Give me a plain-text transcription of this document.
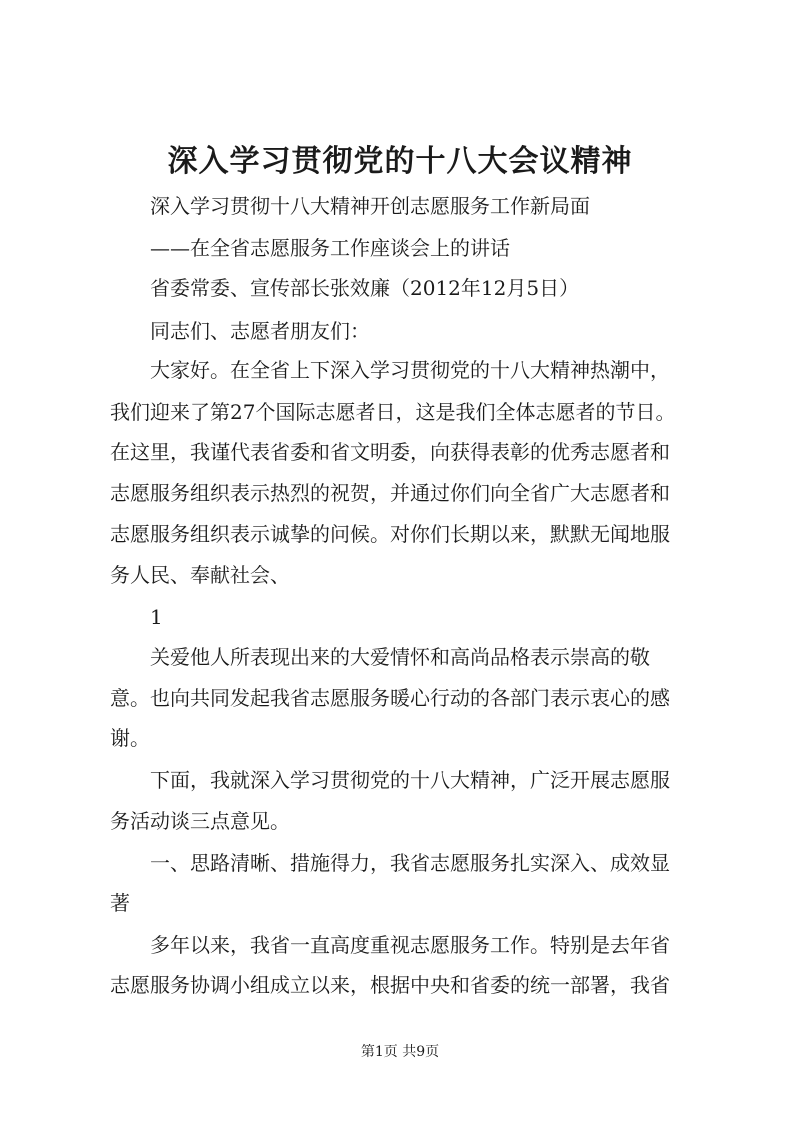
深入学习贯彻党的十八大会议精神

深入学习贯彻十八大精神开创志愿服务工作新局面

——在全省志愿服务工作座谈会上的讲话

省委常委、宣传部长张效廉（2012年12月5日）

同志们、志愿者朋友们：

大家好。在全省上下深入学习贯彻党的十八大精神热潮中，

我们迎来了第27个国际志愿者日，这是我们全体志愿者的节日。

在这里，我谨代表省委和省文明委，向获得表彰的优秀志愿者和

志愿服务组织表示热烈的祝贺，并通过你们向全省广大志愿者和

志愿服务组织表示诚挚的问候。对你们长期以来，默默无闻地服

务人民、奉献社会、

1

关爱他人所表现出来的大爱情怀和高尚品格表示崇高的敬

意。也向共同发起我省志愿服务暖心行动的各部门表示衷心的感

谢。

下面，我就深入学习贯彻党的十八大精神，广泛开展志愿服

务活动谈三点意见。

一、思路清晰、措施得力，我省志愿服务扎实深入、成效显

著

多年以来，我省一直高度重视志愿服务工作。特别是去年省

志愿服务协调小组成立以来，根据中央和省委的统一部署，我省

第1页 共9页
